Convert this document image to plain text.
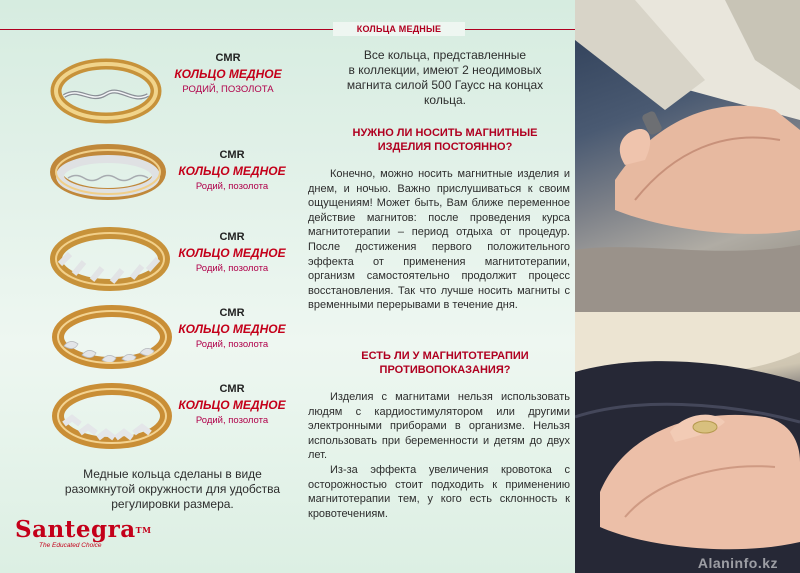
КОЛЬЦА МЕДНЫЕ
CMR
КОЛЬЦО МЕДНОЕ
РОДИЙ, ПОЗОЛОТА
CMR
КОЛЬЦО МЕДНОЕ
Родий, позолота
CMR
КОЛЬЦО МЕДНОЕ
Родий, позолота
CMR
КОЛЬЦО МЕДНОЕ
Родий, позолота
CMR
КОЛЬЦО МЕДНОЕ
Родий, позолота
Все кольца, представленные
в коллекции, имеют 2 неодимовых
магнита силой 500 Гаусс на концах
кольца.
НУЖНО ЛИ НОСИТЬ МАГНИТНЫЕ
ИЗДЕЛИЯ ПОСТОЯННО?
Конечно, можно носить магнитные изделия и днем, и ночью. Важно прислушиваться к своим ощущениям! Может быть, Вам ближе переменное действие магнитов: после проведения курса магнитотерапии – период отдыха от процедур. После достижения первого положительного эффекта от применения магнитотерапии, организм самостоятельно продолжит процесс восстановления. Так что лучше носить магниты с временными перерывами в течение дня.
ЕСТЬ ЛИ У МАГНИТОТЕРАПИИ
ПРОТИВОПОКАЗАНИЯ?
Изделия с магнитами нельзя использовать людям с кардиостимулятором или другими электронными приборами в организме. Нельзя использовать при беременности и детям до двух лет.
Из-за эффекта увеличения кровотока с осторожностью стоит подходить к применению магнитотерапии тем, у кого есть склонность к кровотечениям.
Медные кольца сделаны в виде
разомкнутой окружности для удобства
регулировки размера.
Santegra™
The Educated Choice
Alaninfo.kz
